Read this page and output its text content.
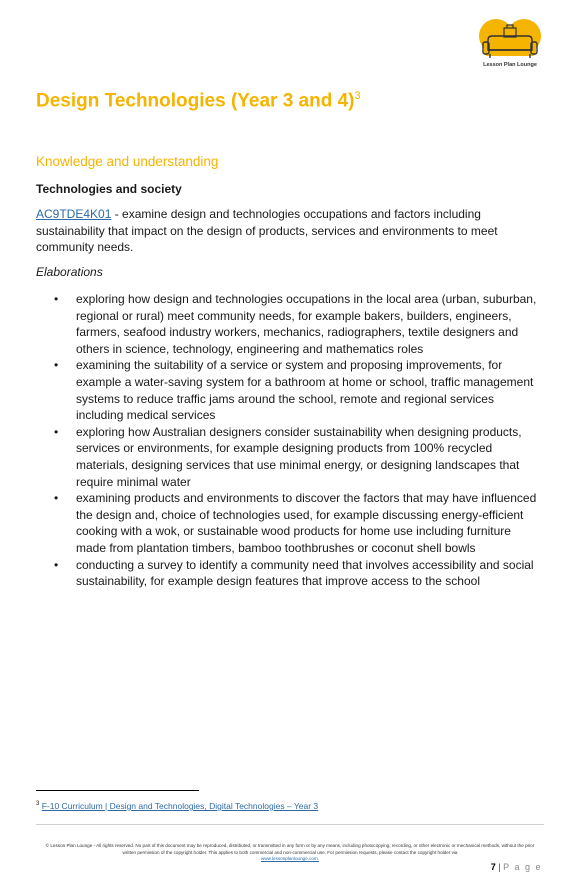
Lesson Plan Lounge
Design Technologies (Year 3 and 4)$^3$
Knowledge and understanding
Technologies and society

AC9TDE4K01 - examine design and technologies occupations and factors including sustainability that impact on the design of products, services and environments to meet community needs.

Elaborations

• exploring how design and technologies occupations in the local area (urban, suburban, regional or rural) meet community needs, for example bakers, builders, engineers, farmers, seafood industry workers, mechanics, radiographers, textile designers and others in science, technology, engineering and mathematics roles
• examining the suitability of a service or system and proposing improvements, for example a water-saving system for a bathroom at home or school, traffic management systems to reduce traffic jams around the school, remote and regional services including medical services
• exploring how Australian designers consider sustainability when designing products, services or environments, for example designing products from 100% recycled materials, designing services that use minimal energy, or designing landscapes that require minimal water
• examining products and environments to discover the factors that may have influenced the design and, choice of technologies used, for example discussing energy-efficient cooking with a wok, or sustainable wood products for home use including furniture made from plantation timbers, bamboo toothbrushes or coconut shell bowls
• conducting a survey to identify a community need that involves accessibility and social sustainability, for example design features that improve access to the school
$^3$ F-10 Curriculum | Design and Technologies, Digital Technologies – Year 3
© Lesson Plan Lounge - All rights reserved. No part of this document may be reproduced, distributed, or transmitted in any form or by any means, including photocopying, recording, or other electronic or mechanical methods, without the prior written permission of the copyright holder. This applies to both commercial and non-commercial use. For permission requests, please contact the copyright holder via
www.lessonplanlounge.com.
7 | P a g e
